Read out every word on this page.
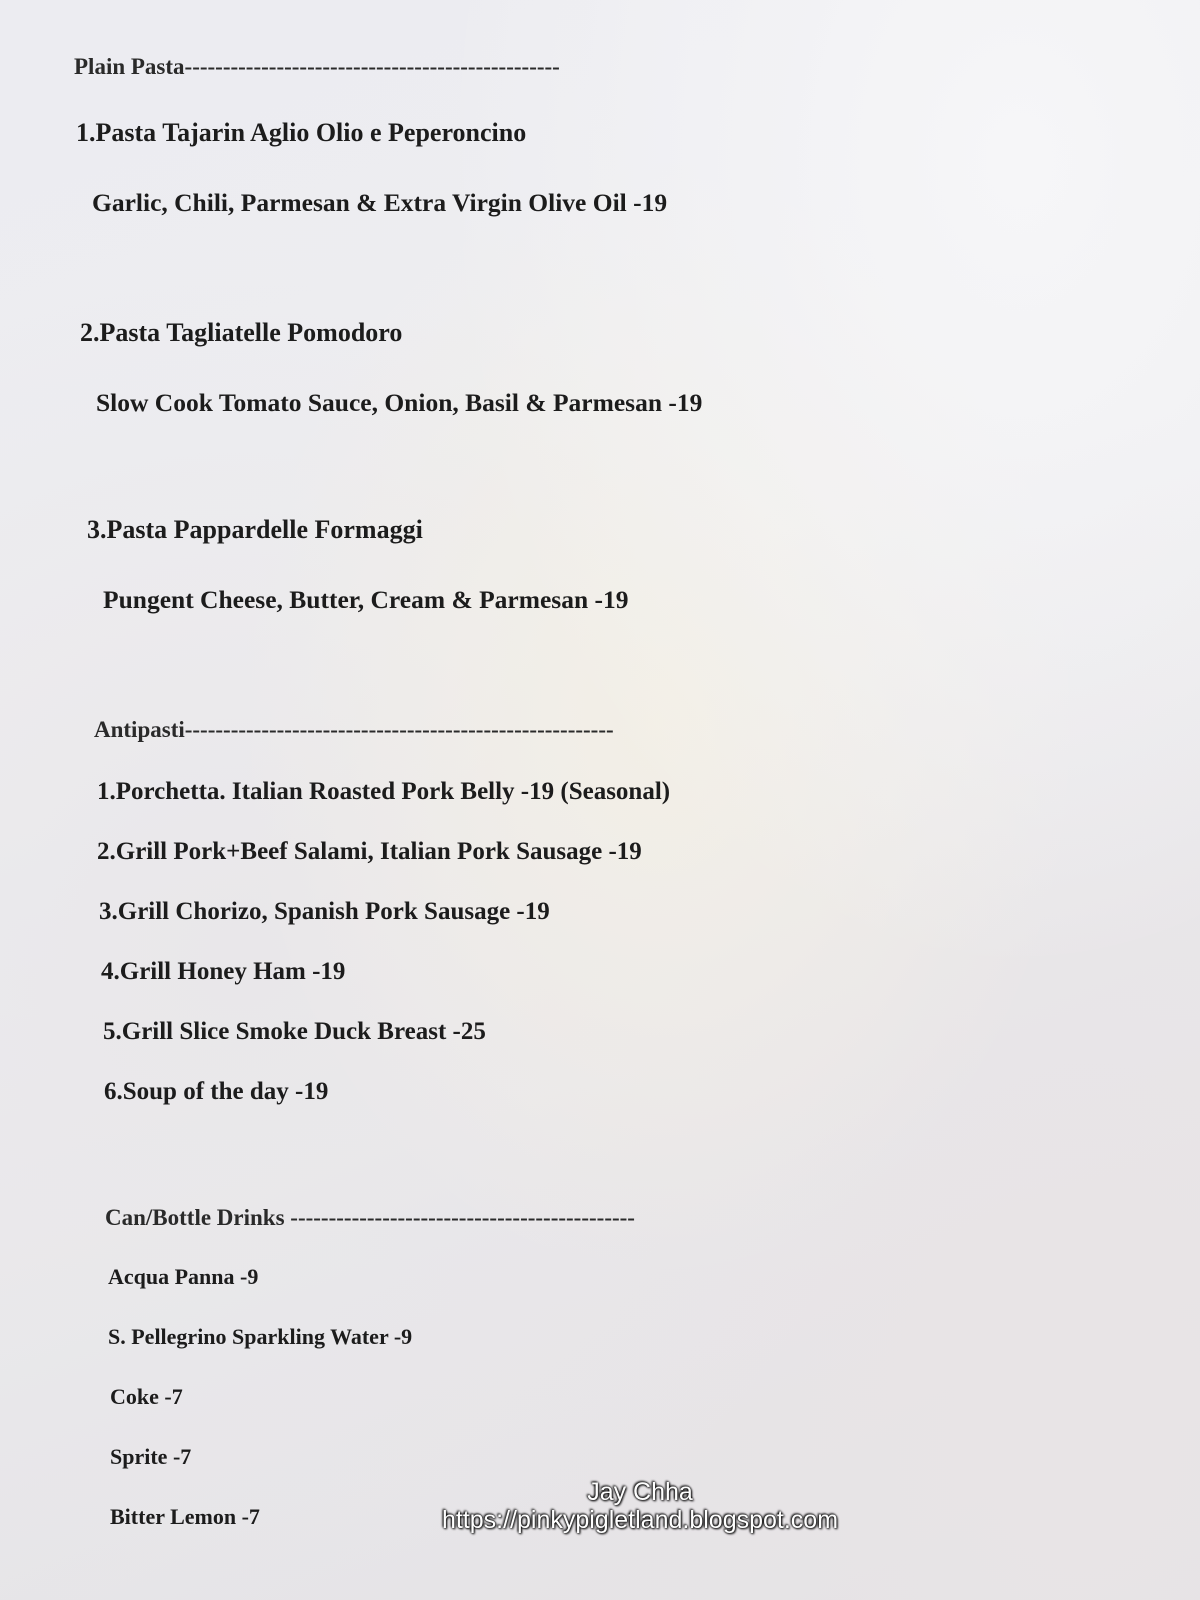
Plain Pasta-------------------------------------------------
1.Pasta Tajarin Aglio Olio e Peperoncino
Garlic, Chili, Parmesan & Extra Virgin Olive Oil -19
2.Pasta Tagliatelle Pomodoro
Slow Cook Tomato Sauce, Onion, Basil & Parmesan -19
3.Pasta Pappardelle Formaggi
Pungent Cheese, Butter, Cream & Parmesan -19
Antipasti--------------------------------------------------------
1.Porchetta. Italian Roasted Pork Belly -19 (Seasonal)
2.Grill Pork+Beef Salami, Italian Pork Sausage -19
3.Grill Chorizo, Spanish Pork Sausage -19
4.Grill Honey Ham -19
5.Grill Slice Smoke Duck Breast -25
6.Soup of the day -19
Can/Bottle Drinks ---------------------------------------------
Acqua Panna -9
S. Pellegrino Sparkling Water -9
Coke -7
Sprite -7
Bitter Lemon -7
Jay Chha
https://pinkypigletland.blogspot.com
